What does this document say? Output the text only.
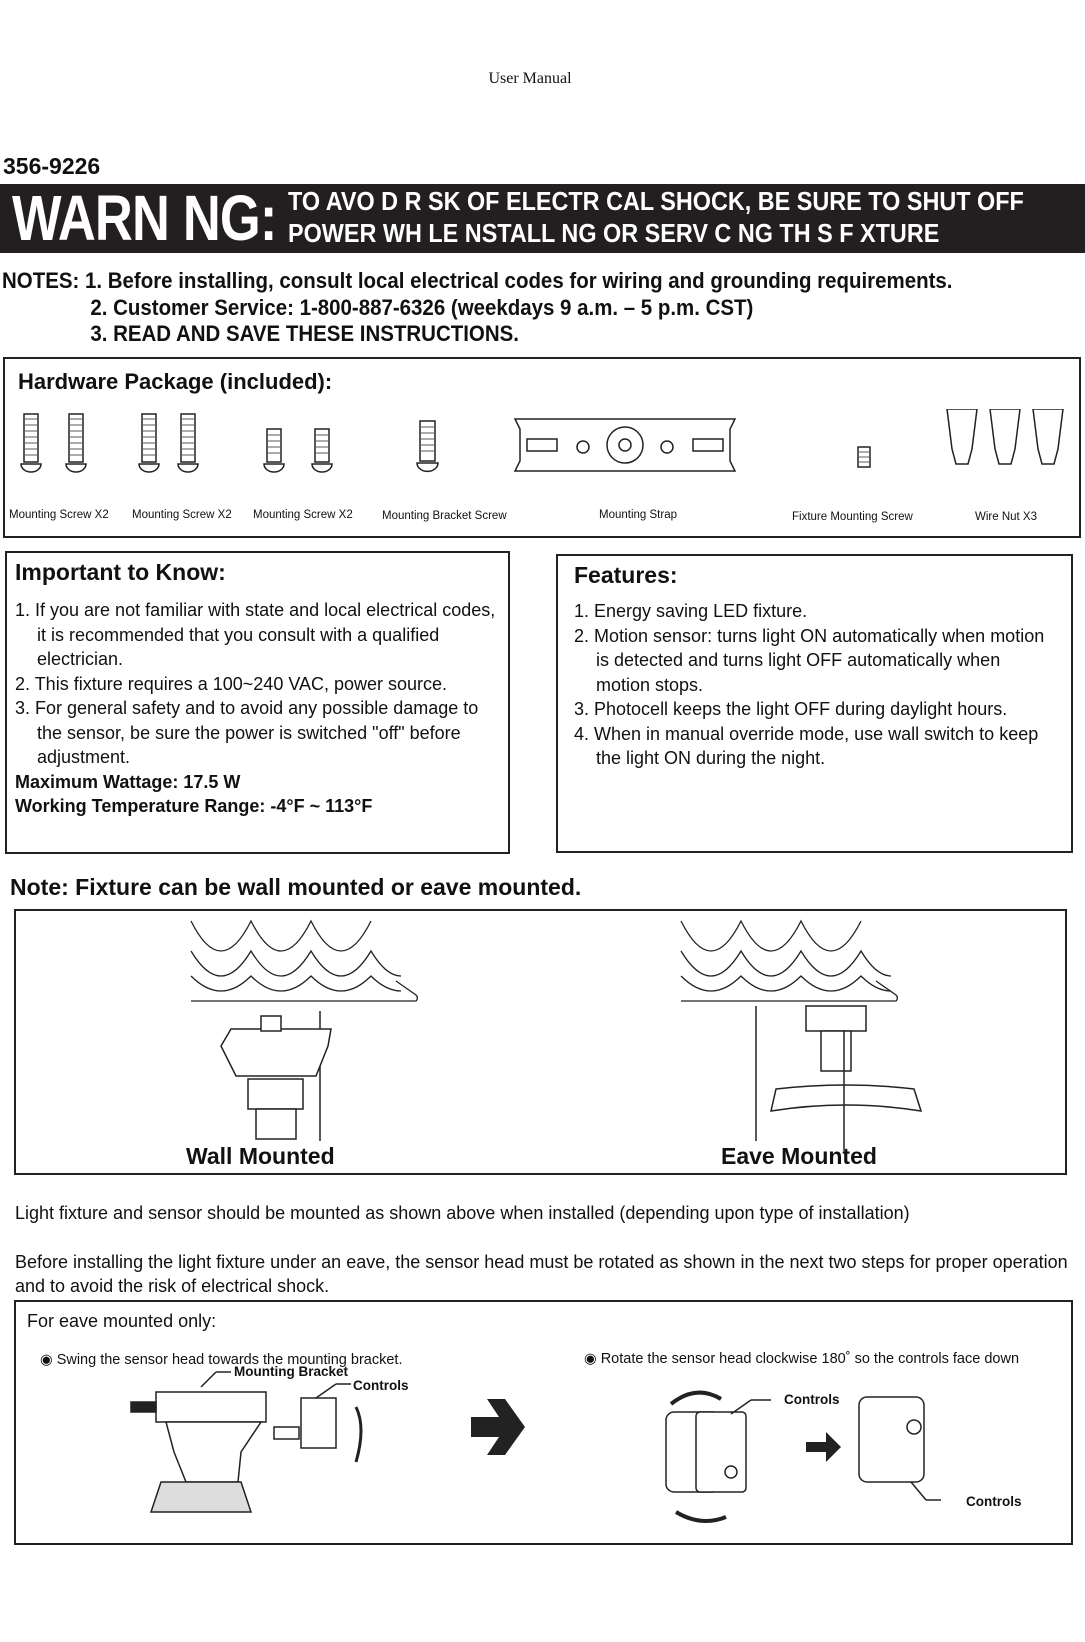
User Manual
356-9226
WARN NG: TO AVO D R SK OF ELECTR CAL SHOCK, BE SURE TO SHUT OFF
POWER WH LE NSTALL NG OR SERV C NG TH S F XTURE
NOTES: 1. Before installing, consult local electrical codes for wiring and grounding requirements.
2. Customer Service: 1-800-887-6326 (weekdays 9 a.m. – 5 p.m. CST)
3. READ AND SAVE THESE INSTRUCTIONS.
Hardware Package (included):
Mounting Screw X2 Mounting Screw X2 Mounting Screw X2	Mounting Bracket Screw	Mounting Strap	Fixture Mounting Screw	Wire Nut X3
Important to Know:
1. If you are not familiar with state and local electrical codes, it is recommended that you consult with a qualified electrician.
2. This fixture requires a 100~240 VAC, power source.
3. For general safety and to avoid any possible damage to the sensor, be sure the power is switched "off" before adjustment.
Maximum Wattage: 17.5 W
Working Temperature Range: -4°F ~ 113°F
Features:
1. Energy saving LED fixture.
2. Motion sensor: turns light ON automatically when motion is detected and turns light OFF automatically when motion stops.
3. Photocell keeps the light OFF during daylight hours.
4. When in manual override mode, use wall switch to keep the light ON during the night.
Note: Fixture can be wall mounted or eave mounted.
Wall Mounted	Eave Mounted
Light fixture and sensor should be mounted as shown above when installed (depending upon type of installation)
Before installing the light fixture under an eave, the sensor head must be rotated as shown in the next two steps for proper operation and to avoid the risk of electrical shock.
For eave mounted only:
◉ Swing the sensor head towards the mounting bracket.	◉ Rotate the sensor head clockwise 180˚ so the controls face down
Mounting Bracket
Controls
Controls
Controls
